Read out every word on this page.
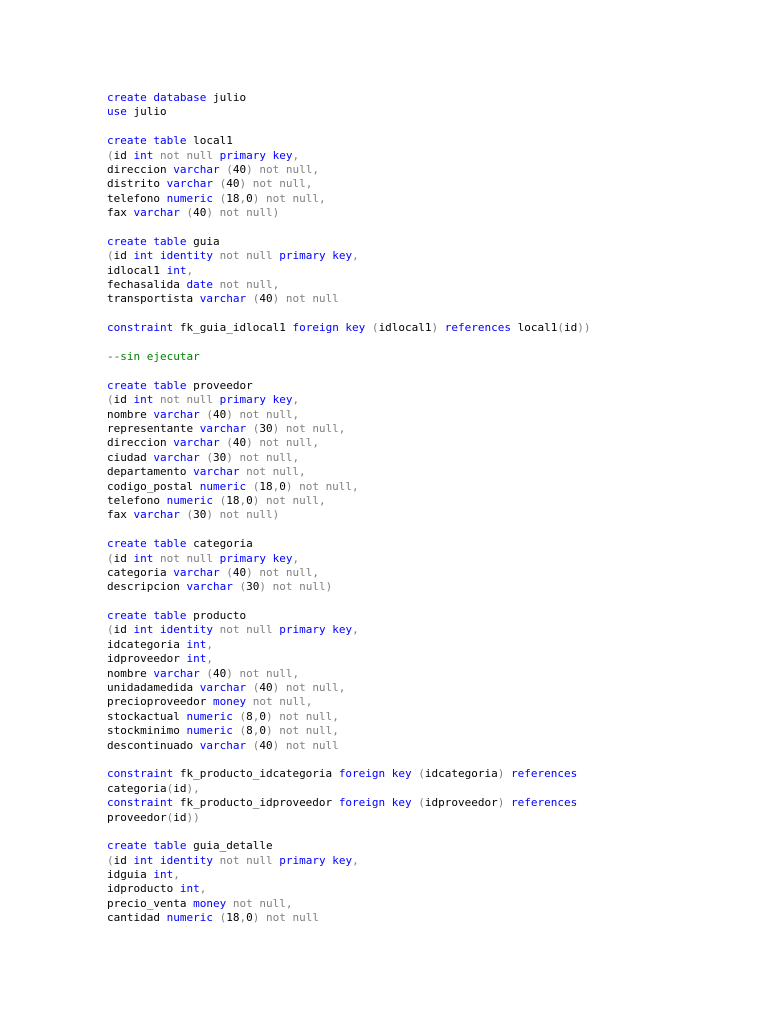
create database julio
use julio
create table local1
(id int not null primary key,
direccion varchar (40) not null,
distrito varchar (40) not null,
telefono numeric (18,0) not null,
fax varchar (40) not null)
create table guia
(id int identity not null primary key,
idlocal1 int,
fechasalida date not null,
transportista varchar (40) not null
constraint fk_guia_idlocal1 foreign key (idlocal1) references local1(id))
--sin ejecutar
create table proveedor
(id int not null primary key,
nombre varchar (40) not null,
representante varchar (30) not null,
direccion varchar (40) not null,
ciudad varchar (30) not null,
departamento varchar not null,
codigo_postal numeric (18,0) not null,
telefono numeric (18,0) not null,
fax varchar (30) not null)
create table categoria
(id int not null primary key,
categoria varchar (40) not null,
descripcion varchar (30) not null)
create table producto
(id int identity not null primary key,
idcategoria int,
idproveedor int,
nombre varchar (40) not null,
unidadamedida varchar (40) not null,
precioproveedor money not null,
stockactual numeric (8,0) not null,
stockminimo numeric (8,0) not null,
descontinuado varchar (40) not null
constraint fk_producto_idcategoria foreign key (idcategoria) references
categoria(id),
constraint fk_producto_idproveedor foreign key (idproveedor) references
proveedor(id))
create table guia_detalle
(id int identity not null primary key,
idguia int,
idproducto int,
precio_venta money not null,
cantidad numeric (18,0) not null
